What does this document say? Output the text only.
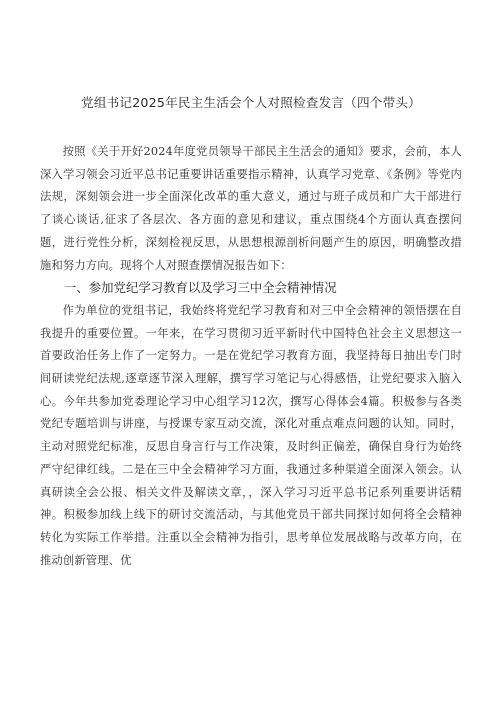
党组书记2025年民主生活会个人对照检查发言（四个带头）

按照《关于开好2024年度党员领导干部民主生活会的通知》要求，会前，本人深入学习领会习近平总书记重要讲话重要指示精神，认真学习党章、《条例》等党内法规，深刻领会进一步全面深化改革的重大意义，通过与班子成员和广大干部进行了谈心谈话,征求了各层次、各方面的意见和建议，重点围绕4个方面认真查摆问题，进行党性分析，深刻检视反思，从思想根源剖析问题产生的原因，明确整改措施和努力方向。现将个人对照查摆情况报告如下：

一、参加党纪学习教育以及学习三中全会精神情况

作为单位的党组书记，我始终将党纪学习教育和对三中全会精神的领悟摆在自我提升的重要位置。一年来，在学习贯彻习近平新时代中国特色社会主义思想这一首要政治任务上作了一定努力。一是在党纪学习教育方面，我坚持每日抽出专门时间研读党纪法规,逐章逐节深入理解，撰写学习笔记与心得感悟，让党纪要求入脑入心。今年共参加党委理论学习中心组学习12次，撰写心得体会4篇。积极参与各类党纪专题培训与讲座，与授课专家互动交流，深化对重点难点问题的认知。同时，主动对照党纪标准，反思自身言行与工作决策，及时纠正偏差，确保自身行为始终严守纪律红线。二是在三中全会精神学习方面，我通过多种渠道全面深入领会。认真研读全会公报、相关文件及解读文章，，深入学习习近平总书记系列重要讲话精神。积极参加线上线下的研讨交流活动，与其他党员干部共同探讨如何将全会精神转化为实际工作举措。注重以全会精神为指引，思考单位发展战略与改革方向，在推动创新管理、优
